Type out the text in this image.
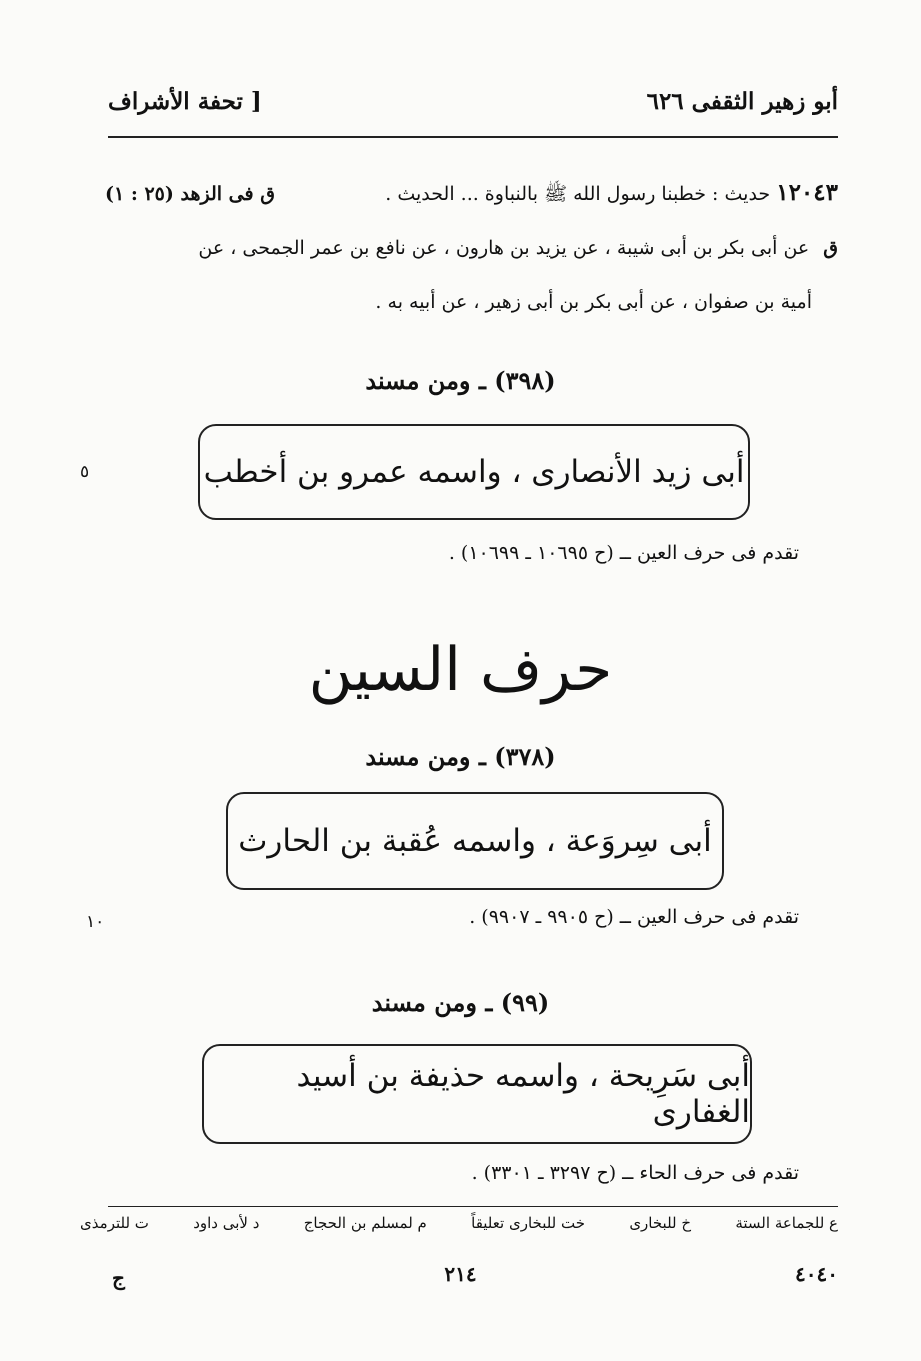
أبو زهير الثقفى ٦٢٦
[ تحفة الأشراف
١٢٠٤٣ حديث : خطبنا رسول الله ﷺ بالنباوة ... الحديث .
ق فى الزهد (٢٥ : ١)
ق
عن أبى بكر بن أبى شيبة ، عن يزيد بن هارون ، عن نافع بن عمر الجمحى ، عن
أمية بن صفوان ، عن أبى بكر بن أبى زهير ، عن أبيه به .
(٣٩٨) ـ ومن مسند
أبى زيد الأنصارى ، واسمه عمرو بن أخطب
٥
تقدم فى حرف العين ــ (ح ١٠٦٩٥ ـ ١٠٦٩٩) .
حرف السين
(٣٧٨) ـ ومن مسند
أبى سِروَعة ، واسمه عُقبة بن الحارث
١٠	تقدم فى حرف العين ــ (ح ٩٩٠٥ ـ ٩٩٠٧) .
(٩٩) ـ ومن مسند
أبى سَرِيحة ، واسمه حذيفة بن أسيد الغفارى
تقدم فى حرف الحاء ــ (ح ٣٢٩٧ ـ ٣٣٠١) .
ع للجماعة الستة
خ للبخارى
خت للبخارى تعليقاً
م لمسلم بن الحجاج
د لأبى داود
ت للترمذى
٤٠٤٠
٢١٤
ج
